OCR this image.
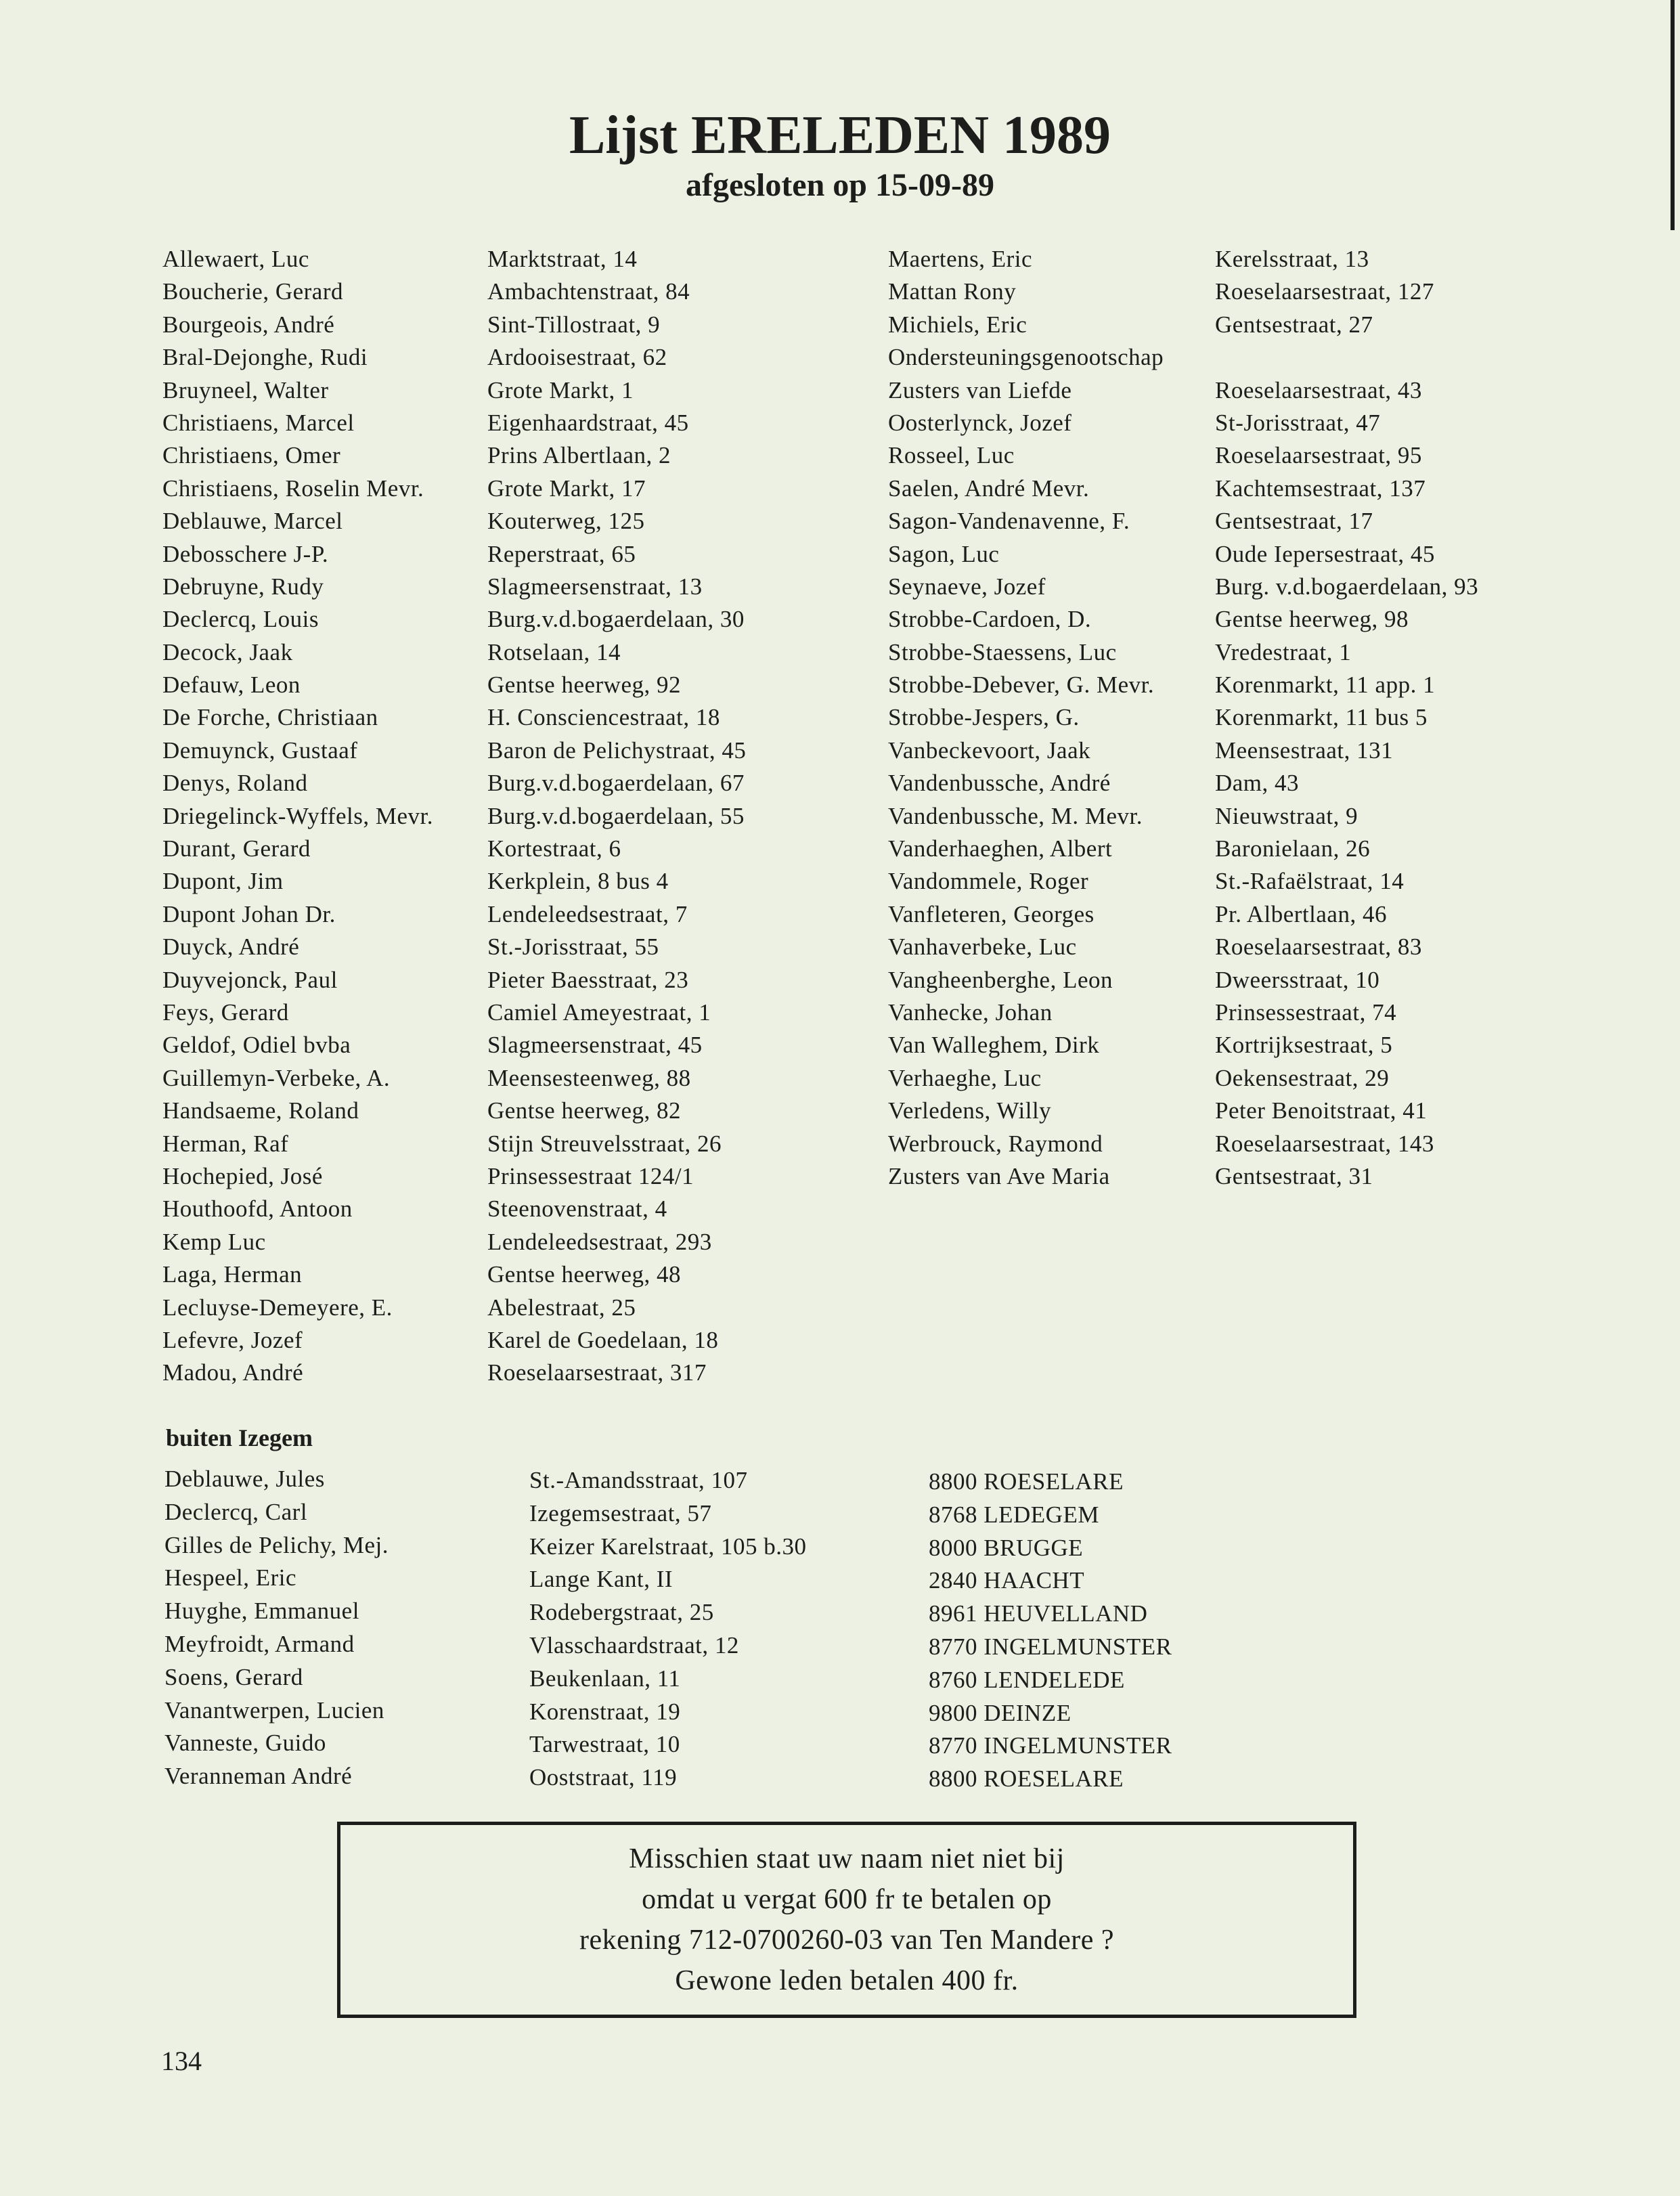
Lijst ERELEDEN 1989
afgesloten op 15-09-89
Allewaert, Luc
Boucherie, Gerard
Bourgeois, André
Bral-Dejonghe, Rudi
Bruyneel, Walter
Christiaens, Marcel
Christiaens, Omer
Christiaens, Roselin Mevr.
Deblauwe, Marcel
Debosschere J-P.
Debruyne, Rudy
Declercq, Louis
Decock, Jaak
Defauw, Leon
De Forche, Christiaan
Demuynck, Gustaaf
Denys, Roland
Driegelinck-Wyffels, Mevr.
Durant, Gerard
Dupont, Jim
Dupont Johan Dr.
Duyck, André
Duyvejonck, Paul
Feys, Gerard
Geldof, Odiel bvba
Guillemyn-Verbeke, A.
Handsaeme, Roland
Herman, Raf
Hochepied, José
Houthoofd, Antoon
Kemp Luc
Laga, Herman
Lecluyse-Demeyere, E.
Lefevre, Jozef
Madou, André
Marktstraat, 14
Ambachtenstraat, 84
Sint-Tillostraat, 9
Ardooisestraat, 62
Grote Markt, 1
Eigenhaardstraat, 45
Prins Albertlaan, 2
Grote Markt, 17
Kouterweg, 125
Reperstraat, 65
Slagmeersenstraat, 13
Burg.v.d.bogaerdelaan, 30
Rotselaan, 14
Gentse heerweg, 92
H. Consciencestraat, 18
Baron de Pelichystraat, 45
Burg.v.d.bogaerdelaan, 67
Burg.v.d.bogaerdelaan, 55
Kortestraat, 6
Kerkplein, 8 bus 4
Lendeleedsestraat, 7
St.-Jorisstraat, 55
Pieter Baesstraat, 23
Camiel Ameyestraat, 1
Slagmeersenstraat, 45
Meensesteenweg, 88
Gentse heerweg, 82
Stijn Streuvelsstraat, 26
Prinsessestraat 124/1
Steenovenstraat, 4
Lendeleedsestraat, 293
Gentse heerweg, 48
Abelestraat, 25
Karel de Goedelaan, 18
Roeselaarsestraat, 317
Maertens, Eric
Mattan Rony
Michiels, Eric
Ondersteuningsgenootschap
Zusters van Liefde
Oosterlynck, Jozef
Rosseel, Luc
Saelen, André Mevr.
Sagon-Vandenavenne, F.
Sagon, Luc
Seynaeve, Jozef
Strobbe-Cardoen, D.
Strobbe-Staessens, Luc
Strobbe-Debever, G. Mevr.
Strobbe-Jespers, G.
Vanbeckevoort, Jaak
Vandenbussche, André
Vandenbussche, M. Mevr.
Vanderhaeghen, Albert
Vandommele, Roger
Vanfleteren, Georges
Vanhaverbeke, Luc
Vangheenberghe, Leon
Vanhecke, Johan
Van Walleghem, Dirk
Verhaeghe, Luc
Verledens, Willy
Werbrouck, Raymond
Zusters van Ave Maria
Kerelsstraat, 13
Roeselaarsestraat, 127
Gentsestraat, 27
Roeselaarsestraat, 43
St-Jorisstraat, 47
Roeselaarsestraat, 95
Kachtemsestraat, 137
Gentsestraat, 17
Oude Iepersestraat, 45
Burg. v.d.bogaerdelaan, 93
Gentse heerweg, 98
Vredestraat, 1
Korenmarkt, 11 app. 1
Korenmarkt, 11 bus 5
Meensestraat, 131
Dam, 43
Nieuwstraat, 9
Baronielaan, 26
St.-Rafaëlstraat, 14
Pr. Albertlaan, 46
Roeselaarsestraat, 83
Dweersstraat, 10
Prinsessestraat, 74
Kortrijksestraat, 5
Oekensestraat, 29
Peter Benoitstraat, 41
Roeselaarsestraat, 143
Gentsestraat, 31
buiten Izegem
Deblauwe, Jules
Declercq, Carl
Gilles de Pelichy, Mej.
Hespeel, Eric
Huyghe, Emmanuel
Meyfroidt, Armand
Soens, Gerard
Vanantwerpen, Lucien
Vanneste, Guido
Veranneman André
St.-Amandsstraat, 107
Izegemsestraat, 57
Keizer Karelstraat, 105 b.30
Lange Kant, II
Rodebergstraat, 25
Vlasschaardstraat, 12
Beukenlaan, 11
Korenstraat, 19
Tarwestraat, 10
Ooststraat, 119
8800 ROESELARE
8768 LEDEGEM
8000 BRUGGE
2840 HAACHT
8961 HEUVELLAND
8770 INGELMUNSTER
8760 LENDELEDE
9800 DEINZE
8770 INGELMUNSTER
8800 ROESELARE
Misschien staat uw naam niet niet bij
omdat u vergat 600 fr te betalen op
rekening 712-0700260-03 van Ten Mandere ?
Gewone leden betalen 400 fr.
134
